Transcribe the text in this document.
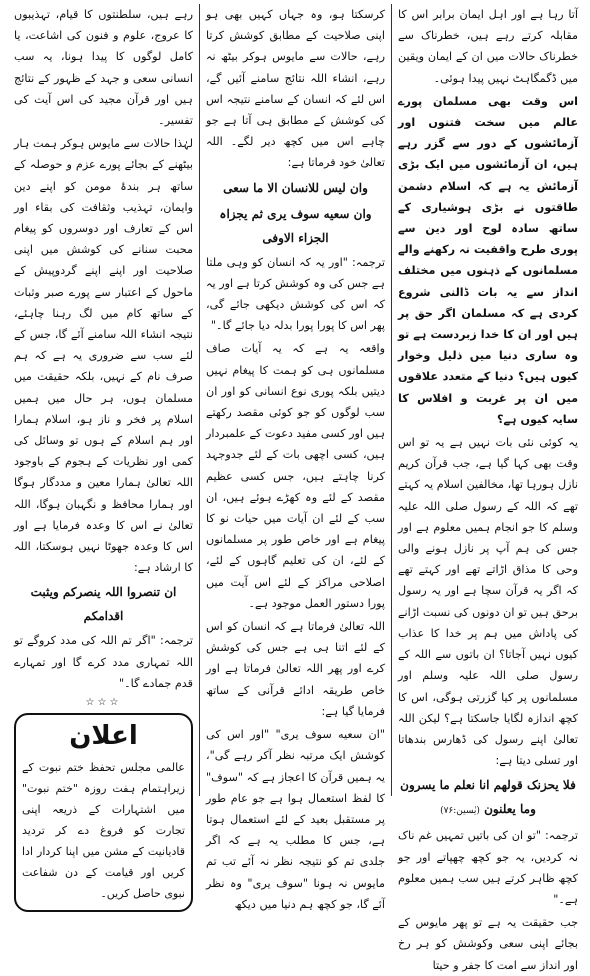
آتا رہا ہے اور اہل ایمان برابر اس کا مقابلہ کرتے رہے ہیں، خطرناک سے خطرناک حالات میں ان کے ایمان ویقین میں ڈگمگاہٹ نہیں پیدا ہوئی۔

اس وقت بھی مسلمان پورے عالم میں سخت فتنوں اور آزمائشوں کے دور سے گزر رہے ہیں، ان آزمائشوں میں ایک بڑی آزمائش یہ ہے کہ اسلام دشمن طاقتوں نے بڑی ہوشیاری کے ساتھ سادہ لوح اور دین سے پوری طرح واقفیت نہ رکھنے والے مسلمانوں کے ذہنوں میں مختلف انداز سے یہ بات ڈالنی شروع کردی ہے کہ مسلمان اگر حق پر ہیں اور ان کا خدا زبردست ہے تو وہ ساری دنیا میں ذلیل وخوار کیوں ہیں؟ دنیا کے متعدد علاقوں میں ان پر غربت و افلاس کا سایہ کیوں ہے؟

یہ کوئی نئی بات نہیں ہے یہ تو اس وقت بھی کہا گیا ہے، جب قرآن کریم نازل ہورہا تھا، مخالفین اسلام یہ کہتے تھے کہ اللہ کے رسول صلی اللہ علیہ وسلم کا جو انجام ہمیں معلوم ہے اور جس کی ہم آپ پر نازل ہونے والی وحی کا مذاق اڑاتے تھے اور کہتے تھے کہ اگر یہ قرآن سچا ہے اور یہ رسول برحق ہیں تو ان دونوں کی نسبت اڑانے کی پاداش میں ہم پر خدا کا عذاب کیوں نہیں آجاتا؟ ان باتوں سے اللہ کے رسول صلی اللہ علیہ وسلم اور مسلمانوں پر کیا گزرتی ہوگی، اس کا کچھ اندازہ لگایا جاسکتا ہے؟ لیکن اللہ تعالیٰ اپنے رسول کی ڈھارس بندھاتا اور تسلی دیتا ہے:

فلا یحزنک قولھم انا نعلم ما یسرون وما یعلنون (یٰسین:۷۶)

ترجمہ: "تو ان کی باتیں تمہیں غم ناک نہ کردیں، یہ جو کچھ چھپاتے اور جو کچھ ظاہر کرتے ہیں سب ہمیں معلوم ہے۔"

جب حقیقت یہ ہے تو پھر مایوس کے بجائے اپنی سعی وکوشش کو ہر رخ اور انداز سے امت کا جفر و حیتا

کرسکتا ہو، وہ جہاں کہیں بھی ہو اپنی صلاحیت کے مطابق کوشش کرتا رہے، حالات سے مایوس ہوکر بیٹھ نہ رہے، انشاء اللہ نتائج سامنے آئیں گے، اس لئے کہ انسان کے سامنے نتیجہ اس کی کوشش کے مطابق ہی آتا ہے جو چاہے اس میں کچھ دیر لگے۔ اللہ تعالیٰ خود فرماتا ہے:

وان لیس للانسان الا ما سعی
وان سعیه سوف یری ثم یجزاہ الجزاء الاوفی

ترجمہ: "اور یہ کہ انسان کو وہی ملتا ہے جس کی وہ کوشش کرتا ہے اور یہ کہ اس کی کوشش دیکھی جائے گی، پھر اس کا پورا پورا بدلہ دیا جائے گا۔"

واقعہ یہ ہے کہ یہ آیات صاف مسلمانوں ہی کو ہمت کا پیغام نہیں دیتیں بلکہ پوری نوع انسانی کو اور ان سب لوگوں کو جو کوئی مقصد رکھتے ہیں اور کسی مفید دعوت کے علمبردار ہیں، کسی اچھی بات کے لئے جدوجہد کرنا چاہتے ہیں، جس کسی عظیم مقصد کے لئے وہ کھڑے ہوئے ہیں، ان سب کے لئے ان آیات میں حیات نو کا پیغام ہے اور خاص طور پر مسلمانوں کے لئے، ان کی تعلیم گاہوں کے لئے، اصلاحی مراکز کے لئے اس آیت میں پورا دستور العمل موجود ہے۔

اللہ تعالیٰ فرماتا ہے کہ انسان کو اس کے لئے اتنا ہی ہے جس کی کوشش کرے اور پھر اللہ تعالیٰ فرماتا ہے اور خاص طریقہ ادائے قرآنی کے ساتھ فرمایا گیا ہے:

"ان سعیه سوف یری" "اور اس کی کوشش ایک مرتبہ نظر آکر رہے گی"، یہ ہمیں قرآن کا اعجاز ہے کہ "سوف" کا لفظ استعمال ہوا ہے جو عام طور پر مستقبل بعید کے لئے استعمال ہوتا ہے، جس کا مطلب یہ ہے کہ اگر جلدی تم کو نتیجہ نظر نہ آئے تب تم مایوس نہ ہونا "سوف یری" وہ نظر آئے گا، جو کچھ ہم دنیا میں دیکھ

رہے ہیں، سلطنتوں کا قیام، تہذیبوں کا عروج، علوم و فنون کی اشاعت، یا کامل لوگوں کا پیدا ہونا، یہ سب انسانی سعی و جہد کے ظہور کے نتائج ہیں اور قرآن مجید کی اس آیت کی تفسیر۔

لہٰذا حالات سے مایوس ہوکر ہمت ہار بیٹھنے کے بجائے پورے عزم و حوصلہ کے ساتھ ہر بندۂ مومن کو اپنے دین وایمان، تہذیب وثقافت کی بقاء اور اس کے تعارف اور دوسروں کو پیغام محبت سنانے کی کوشش میں اپنی صلاحیت اور اپنے اپنے گردوپیش کے ماحول کے اعتبار سے پورے صبر وثبات کے ساتھ کام میں لگ رہنا چاہئے، نتیجہ انشاء اللہ سامنے آئے گا، جس کے لئے سب سے ضروری یہ ہے کہ ہم صرف نام کے نہیں، بلکہ حقیقت میں مسلمان ہوں، ہر حال میں ہمیں اسلام پر فخر و ناز ہو، اسلام ہمارا اور ہم اسلام کے ہوں تو وسائل کی کمی اور نظریات کے ہجوم کے باوجود اللہ تعالیٰ ہمارا معین و مددگار ہوگا اور ہمارا محافظ و نگہبان ہوگا، اللہ تعالیٰ نے اس کا وعدہ فرمایا ہے اور اس کا وعدہ جھوٹا نہیں ہوسکتا، اللہ کا ارشاد ہے:

ان تنصروا اللہ ینصرکم ویثبت اقدامکم

ترجمہ: "اگر تم اللہ کی مدد کروگے تو اللہ تمہاری مدد کرے گا اور تمہارے قدم جمادے گا۔"

☆☆☆
اعلان
عالمی مجلس تحفظ ختم نبوت کے زیراہتمام ہفت روزہ "ختم نبوت" میں اشتہارات کے ذریعہ اپنی تجارت کو فروغ دے کر تردید قادیانیت کے مشن میں اپنا کردار ادا کریں اور قیامت کے دن شفاعت نبوی حاصل کریں۔
